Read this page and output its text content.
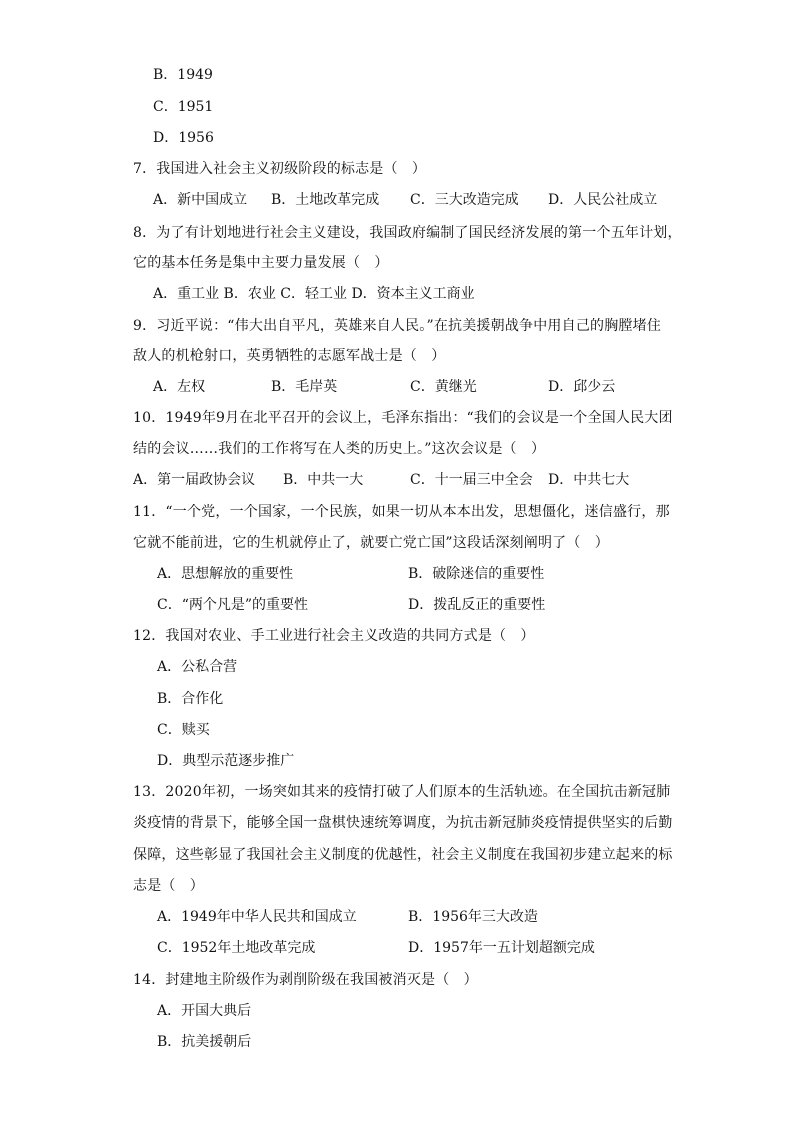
B．1949
C．1951
D．1956
7．我国进入社会主义初级阶段的标志是（　）
A．新中国成立 B．土地改革完成 C．三大改造完成 D．人民公社成立
8．为了有计划地进行社会主义建设，我国政府编制了国民经济发展的第一个五年计划，
它的基本任务是集中主要力量发展（　）
A．重工业 B．农业 C．轻工业 D．资本主义工商业
9．习近平说：“伟大出自平凡，英雄来自人民。”在抗美援朝战争中用自己的胸膛堵住
敌人的机枪射口，英勇牺牲的志愿军战士是（　）
A．左权	B．毛岸英	C．黄继光	D．邱少云
10．1949年9月在北平召开的会议上，毛泽东指出：“我们的会议是一个全国人民大团
结的会议……我们的工作将写在人类的历史上。”这次会议是（　）
A．第一届政协会议 B．中共一大	C．十一届三中全会 D．中共七大
11．“一个党，一个国家，一个民族，如果一切从本本出发，思想僵化，迷信盛行，那
它就不能前进，它的生机就停止了，就要亡党亡国”这段话深刻阐明了（　）
A．思想解放的重要性	B．破除迷信的重要性
C．“两个凡是”的重要性	D．拨乱反正的重要性
12．我国对农业、手工业进行社会主义改造的共同方式是（　）
A．公私合营
B．合作化
C．赎买
D．典型示范逐步推广
13．2020年初，一场突如其来的疫情打破了人们原本的生活轨迹。在全国抗击新冠肺
炎疫情的背景下，能够全国一盘棋快速统筹调度，为抗击新冠肺炎疫情提供坚实的后勤
保障，这些彰显了我国社会主义制度的优越性，社会主义制度在我国初步建立起来的标
志是（　）
A．1949年中华人民共和国成立	B．1956年三大改造
C．1952年土地改革完成	D．1957年一五计划超额完成
14．封建地主阶级作为剥削阶级在我国被消灭是（　）
A．开国大典后
B．抗美援朝后
